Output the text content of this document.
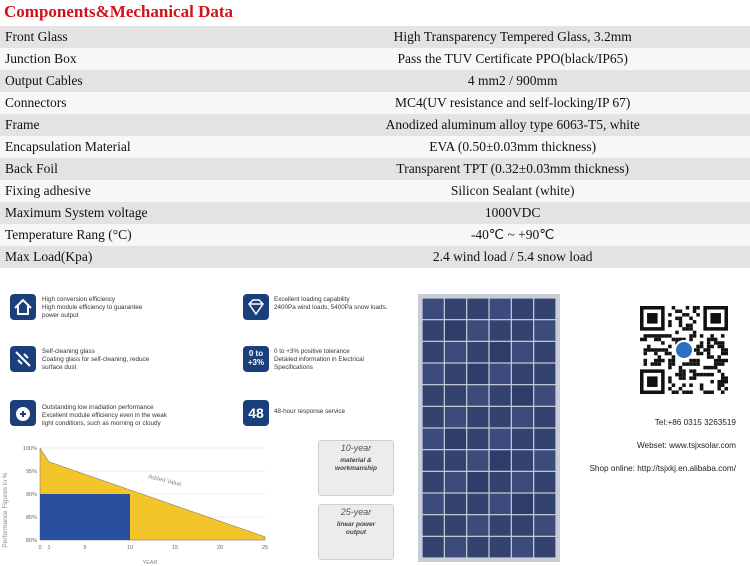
Components&Mechanical Data
Front Glass	High Transparency Tempered Glass, 3.2mm
Junction Box	Pass the TUV Certificate PPO(black/IP65)
Output Cables	4 mm2 / 900mm
Connectors	MC4(UV resistance and self-locking/IP 67)
Frame	Anodized aluminum alloy type 6063-T5, white
Encapsulation Material	EVA (0.50±0.03mm thickness)
Back Foil	Transparent TPT (0.32±0.03mm thickness)
Fixing adhesive	Silicon Sealant (white)
Maximum System voltage	1000VDC
Temperature Rang (°C)	-40℃ ~ +90℃
Max Load(Kpa)	2.4 wind load / 5.4 snow load
High conversion efficiency
High module efficiency to guarantee
power output
Excellent loading capability
2400Pa wind loads, 5400Pa snow loads.
Self-cleaning glass
Coating glass for self-cleaning, reduce
surface dust
0 to
+3%
0 to +3% positive tolerance
Detailed information in Electrical
Specifications
Outstanding low irradiation performance
Excellent module efficiency even in the weak
light conditions, such as morning or cloudy
48	48-hour response service
100%
95%
90%
85%
80%
0 1	5	10	15	20	25
Performance Figures in %
YEAR
Added Value
10-year
material &
workmanship
25-year
linear power
output
Tel:+86 0315 3263519
Webset: www.tsjxsolar.com
Shop online: http://tsjxkj.en.alibaba.com/
